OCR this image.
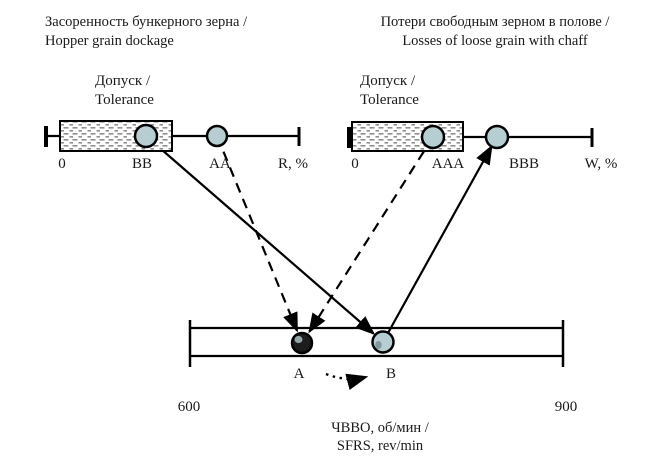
Засоренность бункерного зерна /
Hopper grain dockage
Потери свободным зерном в полове /
Losses of loose grain with chaff
Допуск /
Tolerance
Допуск /
Tolerance
0	BB	AA	R, %	0	AAA	BBB	W, %
A	B
600	900
ЧВВО, об/мин /
SFRS, rev/min
